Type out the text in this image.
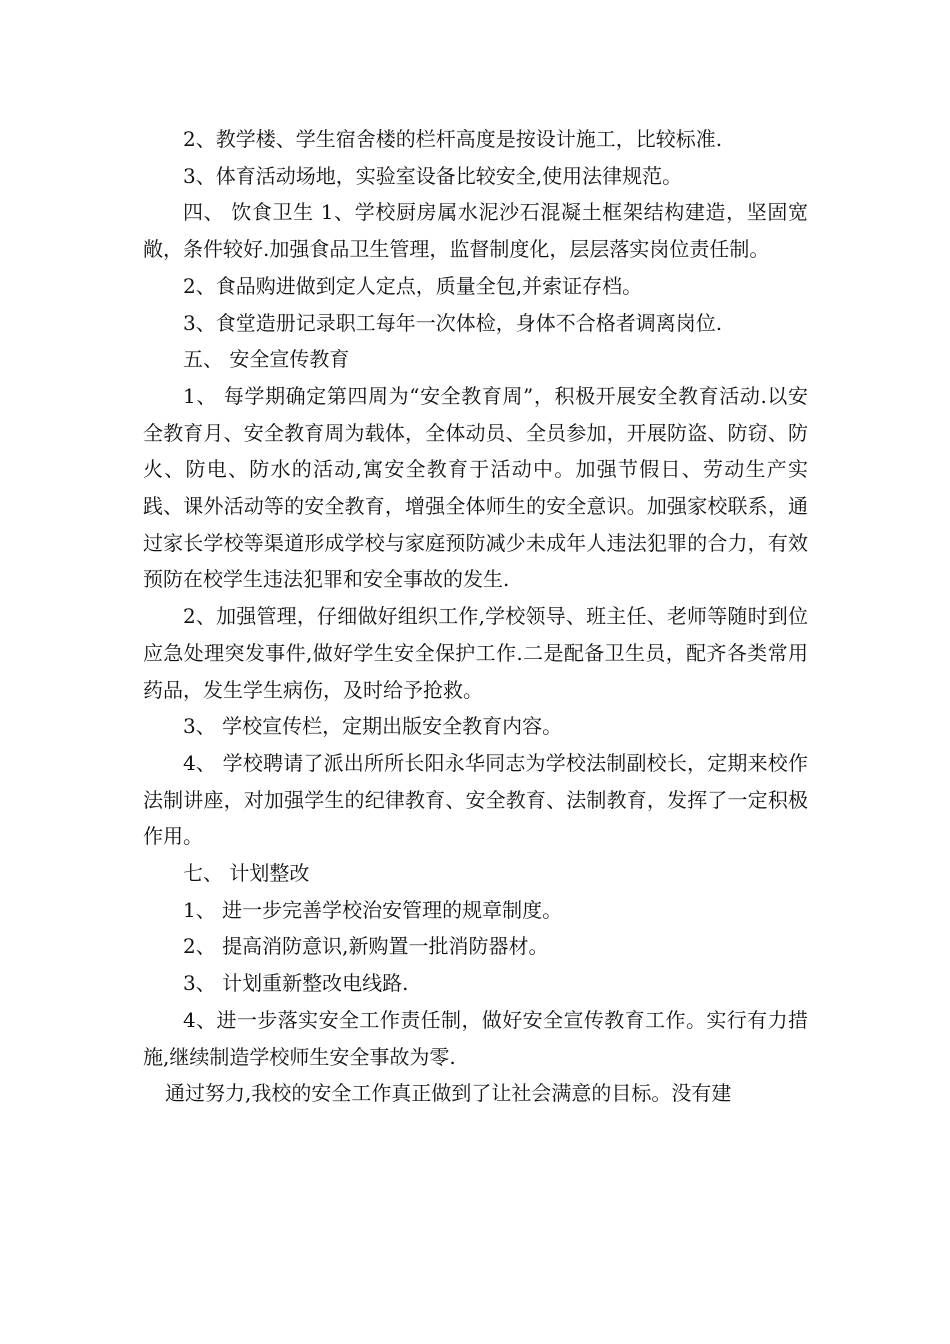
2、教学楼、学生宿舍楼的栏杆高度是按设计施工，比较标准.

3、体育活动场地，实验室设备比较安全,使用法律规范。

四、 饮食卫生 1、学校厨房属水泥沙石混凝土框架结构建造，坚固宽敞，条件较好.加强食品卫生管理，监督制度化，层层落实岗位责任制。

2、食品购进做到定人定点，质量全包,并索证存档。

3、食堂造册记录职工每年一次体检，身体不合格者调离岗位.

五、 安全宣传教育

1、 每学期确定第四周为“安全教育周”，积极开展安全教育活动.以安全教育月、安全教育周为载体，全体动员、全员参加，开展防盗、防窃、防火、防电、防水的活动,寓安全教育于活动中。加强节假日、劳动生产实践、课外活动等的安全教育，增强全体师生的安全意识。加强家校联系，通过家长学校等渠道形成学校与家庭预防减少未成年人违法犯罪的合力，有效预防在校学生违法犯罪和安全事故的发生.

2、加强管理，仔细做好组织工作,学校领导、班主任、老师等随时到位应急处理突发事件,做好学生安全保护工作.二是配备卫生员，配齐各类常用药品，发生学生病伤，及时给予抢救。

3、 学校宣传栏，定期出版安全教育内容。

4、 学校聘请了派出所所长阳永华同志为学校法制副校长，定期来校作法制讲座，对加强学生的纪律教育、安全教育、法制教育，发挥了一定积极作用。

七、 计划整改

1、 进一步完善学校治安管理的规章制度。

2、 提高消防意识,新购置一批消防器材。

3、 计划重新整改电线路.

4、进一步落实安全工作责任制，做好安全宣传教育工作。实行有力措施,继续制造学校师生安全事故为零.

通过努力,我校的安全工作真正做到了让社会满意的目标。没有建
